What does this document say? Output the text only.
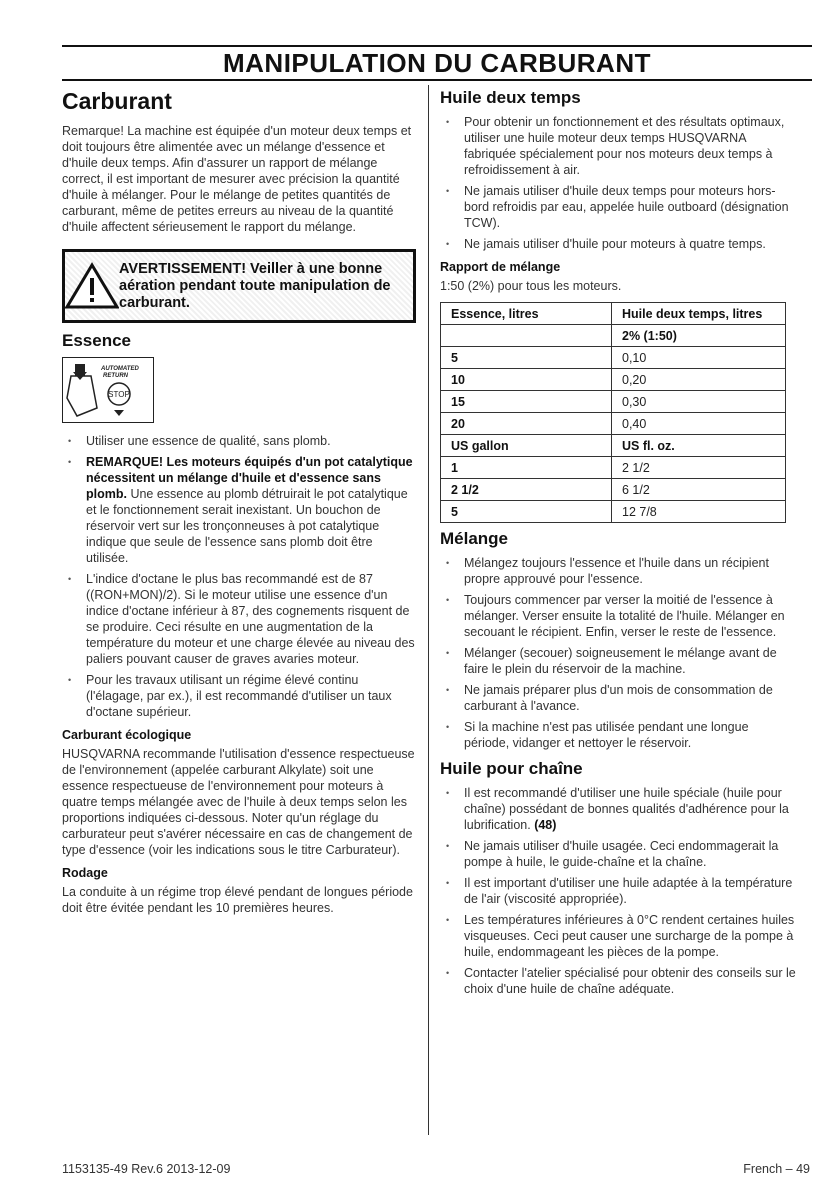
MANIPULATION DU CARBURANT
Carburant

Remarque! La machine est équipée d'un moteur deux temps et doit toujours être alimentée avec un mélange d'essence et d'huile deux temps. Afin d'assurer un rapport de mélange correct, il est important de mesurer avec précision la quantité d'huile à mélanger. Pour le mélange de petites quantités de carburant, même de petites erreurs au niveau de la quantité d'huile affectent sérieusement le rapport du mélange.

AVERTISSEMENT! Veiller à une bonne aération pendant toute manipulation de carburant.
Essence
AUTOMATED
RETURN
STOP
• Utiliser une essence de qualité, sans plomb.
• REMARQUE! Les moteurs équipés d'un pot catalytique nécessitent un mélange d'huile et d'essence sans plomb. Une essence au plomb détruirait le pot catalytique et le fonctionnement serait inexistant. Un bouchon de réservoir vert sur les tronçonneuses à pot catalytique indique que seule de l'essence sans plomb doit être utilisée.
• L'indice d'octane le plus bas recommandé est de 87 ((RON+MON)/2). Si le moteur utilise une essence d'un indice d'octane inférieur à 87, des cognements risquent de se produire. Ceci résulte en une augmentation de la température du moteur et une charge élevée au niveau des paliers pouvant causer de graves avaries moteur.
• Pour les travaux utilisant un régime élevé continu (l'élagage, par ex.), il est recommandé d'utiliser un taux d'octane supérieur.
Carburant écologique

HUSQVARNA recommande l'utilisation d'essence respectueuse de l'environnement (appelée carburant Alkylate) soit une essence respectueuse de l'environnement pour moteurs à quatre temps mélangée avec de l'huile à deux temps selon les proportions indiquées ci-dessous. Noter qu'un réglage du carburateur peut s'avérer nécessaire en cas de changement de type d'essence (voir les indications sous le titre Carburateur).

Rodage

La conduite à un régime trop élevé pendant de longues période doit être évitée pendant les 10 premières heures.

Huile deux temps
• Pour obtenir un fonctionnement et des résultats optimaux, utiliser une huile moteur deux temps HUSQVARNA fabriquée spécialement pour nos moteurs deux temps à refroidissement à air.
• Ne jamais utiliser d'huile deux temps pour moteurs hors-bord refroidis par eau, appelée huile outboard (désignation TCW).
• Ne jamais utiliser d'huile pour moteurs à quatre temps.
Rapport de mélange

1:50 (2%) pour tous les moteurs.

Essence, litres	Huile deux temps, litres
	2% (1:50)
5	0,10
10	0,20
15	0,30
20	0,40
US gallon	US fl. oz.
1	2 1/2
2 1/2	6 1/2
5	12 7/8
Mélange
• Mélangez toujours l'essence et l'huile dans un récipient propre approuvé pour l'essence.
• Toujours commencer par verser la moitié de l'essence à mélanger. Verser ensuite la totalité de l'huile. Mélanger en secouant le récipient. Enfin, verser le reste de l'essence.
• Mélanger (secouer) soigneusement le mélange avant de faire le plein du réservoir de la machine.
• Ne jamais préparer plus d'un mois de consommation de carburant à l'avance.
• Si la machine n'est pas utilisée pendant une longue période, vidanger et nettoyer le réservoir.
Huile pour chaîne
• Il est recommandé d'utiliser une huile spéciale (huile pour chaîne) possédant de bonnes qualités d'adhérence pour la lubrification. (48)
• Ne jamais utiliser d'huile usagée. Ceci endommagerait la pompe à huile, le guide-chaîne et la chaîne.
• Il est important d'utiliser une huile adaptée à la température de l'air (viscosité appropriée).
• Les températures inférieures à 0°C rendent certaines huiles visqueuses. Ceci peut causer une surcharge de la pompe à huile, endommageant les pièces de la pompe.
• Contacter l'atelier spécialisé pour obtenir des conseils sur le choix d'une huile de chaîne adéquate.
1153135-49 Rev.6 2013-12-09	French – 49
